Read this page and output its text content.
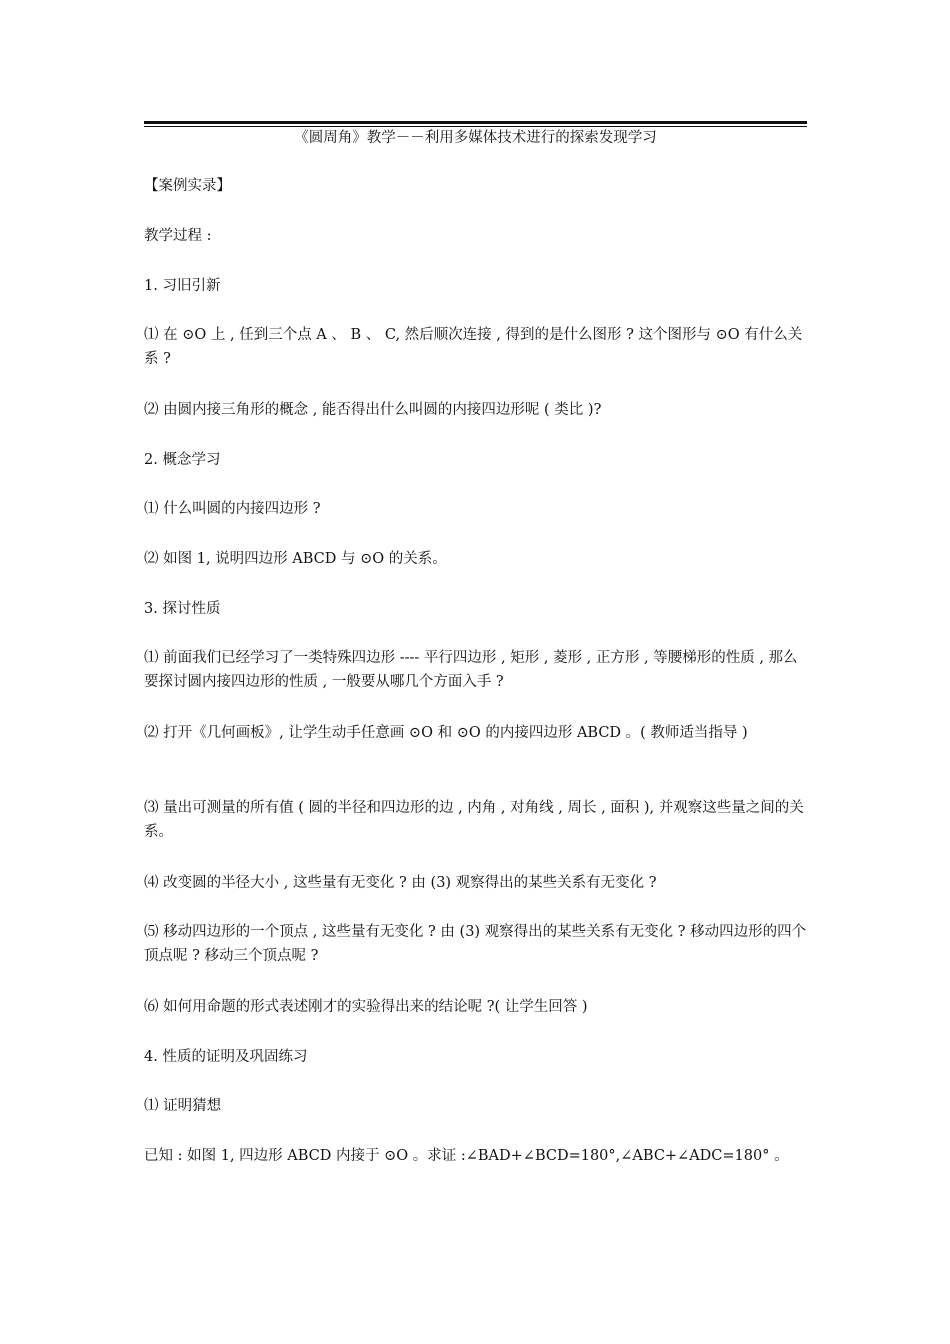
《圆周角》教学－－利用多媒体技术进行的探索发现学习

【案例实录】

教学过程 :

1. 习旧引新

⑴ 在 ⊙O 上 , 任到三个点 A 、 B 、 C, 然后顺次连接 , 得到的是什么图形 ? 这个图形与 ⊙O 有什么关系 ?

⑵ 由圆内接三角形的概念 , 能否得出什么叫圆的内接四边形呢 ( 类比 )?

2. 概念学习

⑴ 什么叫圆的内接四边形 ?

⑵ 如图 1, 说明四边形 ABCD 与 ⊙O 的关系。

3. 探讨性质

⑴ 前面我们已经学习了一类特殊四边形 ---- 平行四边形 , 矩形 , 菱形 , 正方形 , 等腰梯形的性质 , 那么要探讨圆内接四边形的性质 , 一般要从哪几个方面入手 ?

⑵ 打开《几何画板》, 让学生动手任意画 ⊙O 和 ⊙O 的内接四边形 ABCD 。( 教师适当指导 )

⑶ 量出可测量的所有值 ( 圆的半径和四边形的边 , 内角 , 对角线 , 周长 , 面积 ), 并观察这些量之间的关系。

⑷ 改变圆的半径大小 , 这些量有无变化 ? 由 (3) 观察得出的某些关系有无变化 ?

⑸ 移动四边形的一个顶点 , 这些量有无变化 ? 由 (3) 观察得出的某些关系有无变化 ? 移动四边形的四个顶点呢 ? 移动三个顶点呢 ?

⑹ 如何用命题的形式表述刚才的实验得出来的结论呢 ?( 让学生回答 )

4. 性质的证明及巩固练习

⑴ 证明猜想

已知 : 如图 1, 四边形 ABCD 内接于 ⊙O 。求证 :∠BAD+∠BCD=180°,∠ABC+∠ADC=180° 。
